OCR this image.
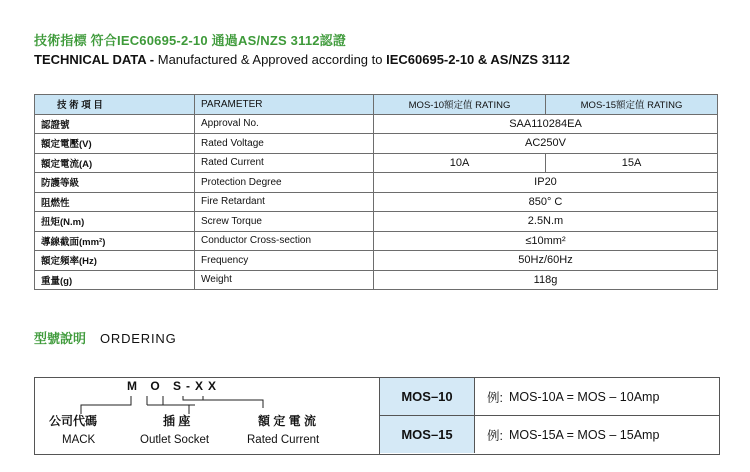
技術指標 符合IEC60695-2-10 通過AS/NZS 3112認證
TECHNICAL DATA - Manufactured & Approved according to IEC60695-2-10 & AS/NZS 3112
技 術 項 目	PARAMETER	MOS-10額定值 RATING	MOS-15額定值 RATING
認證號	Approval No.	SAA110284EA	
額定電壓(V)	Rated Voltage	AC250V	
額定電流(A)	Rated Current	10A	15A
防護等級	Protection Degree	IP20	
阻燃性	Fire Retardant	850° C	
扭矩(N.m)	Screw Torque	2.5N.m	
導線截面(mm²)	Conductor Cross-section	≤10mm²	
額定頻率(Hz)	Frequency	50Hz/60Hz	
重量(g)	Weight	118g	
型號說明 ORDERING
M O S-XX
公司代碼
MACK
插 座
Outlet Socket
額 定 電 流
Rated Current
MOS–10	例: MOS-10A = MOS – 10Amp
MOS–15	例: MOS-15A = MOS – 15Amp
